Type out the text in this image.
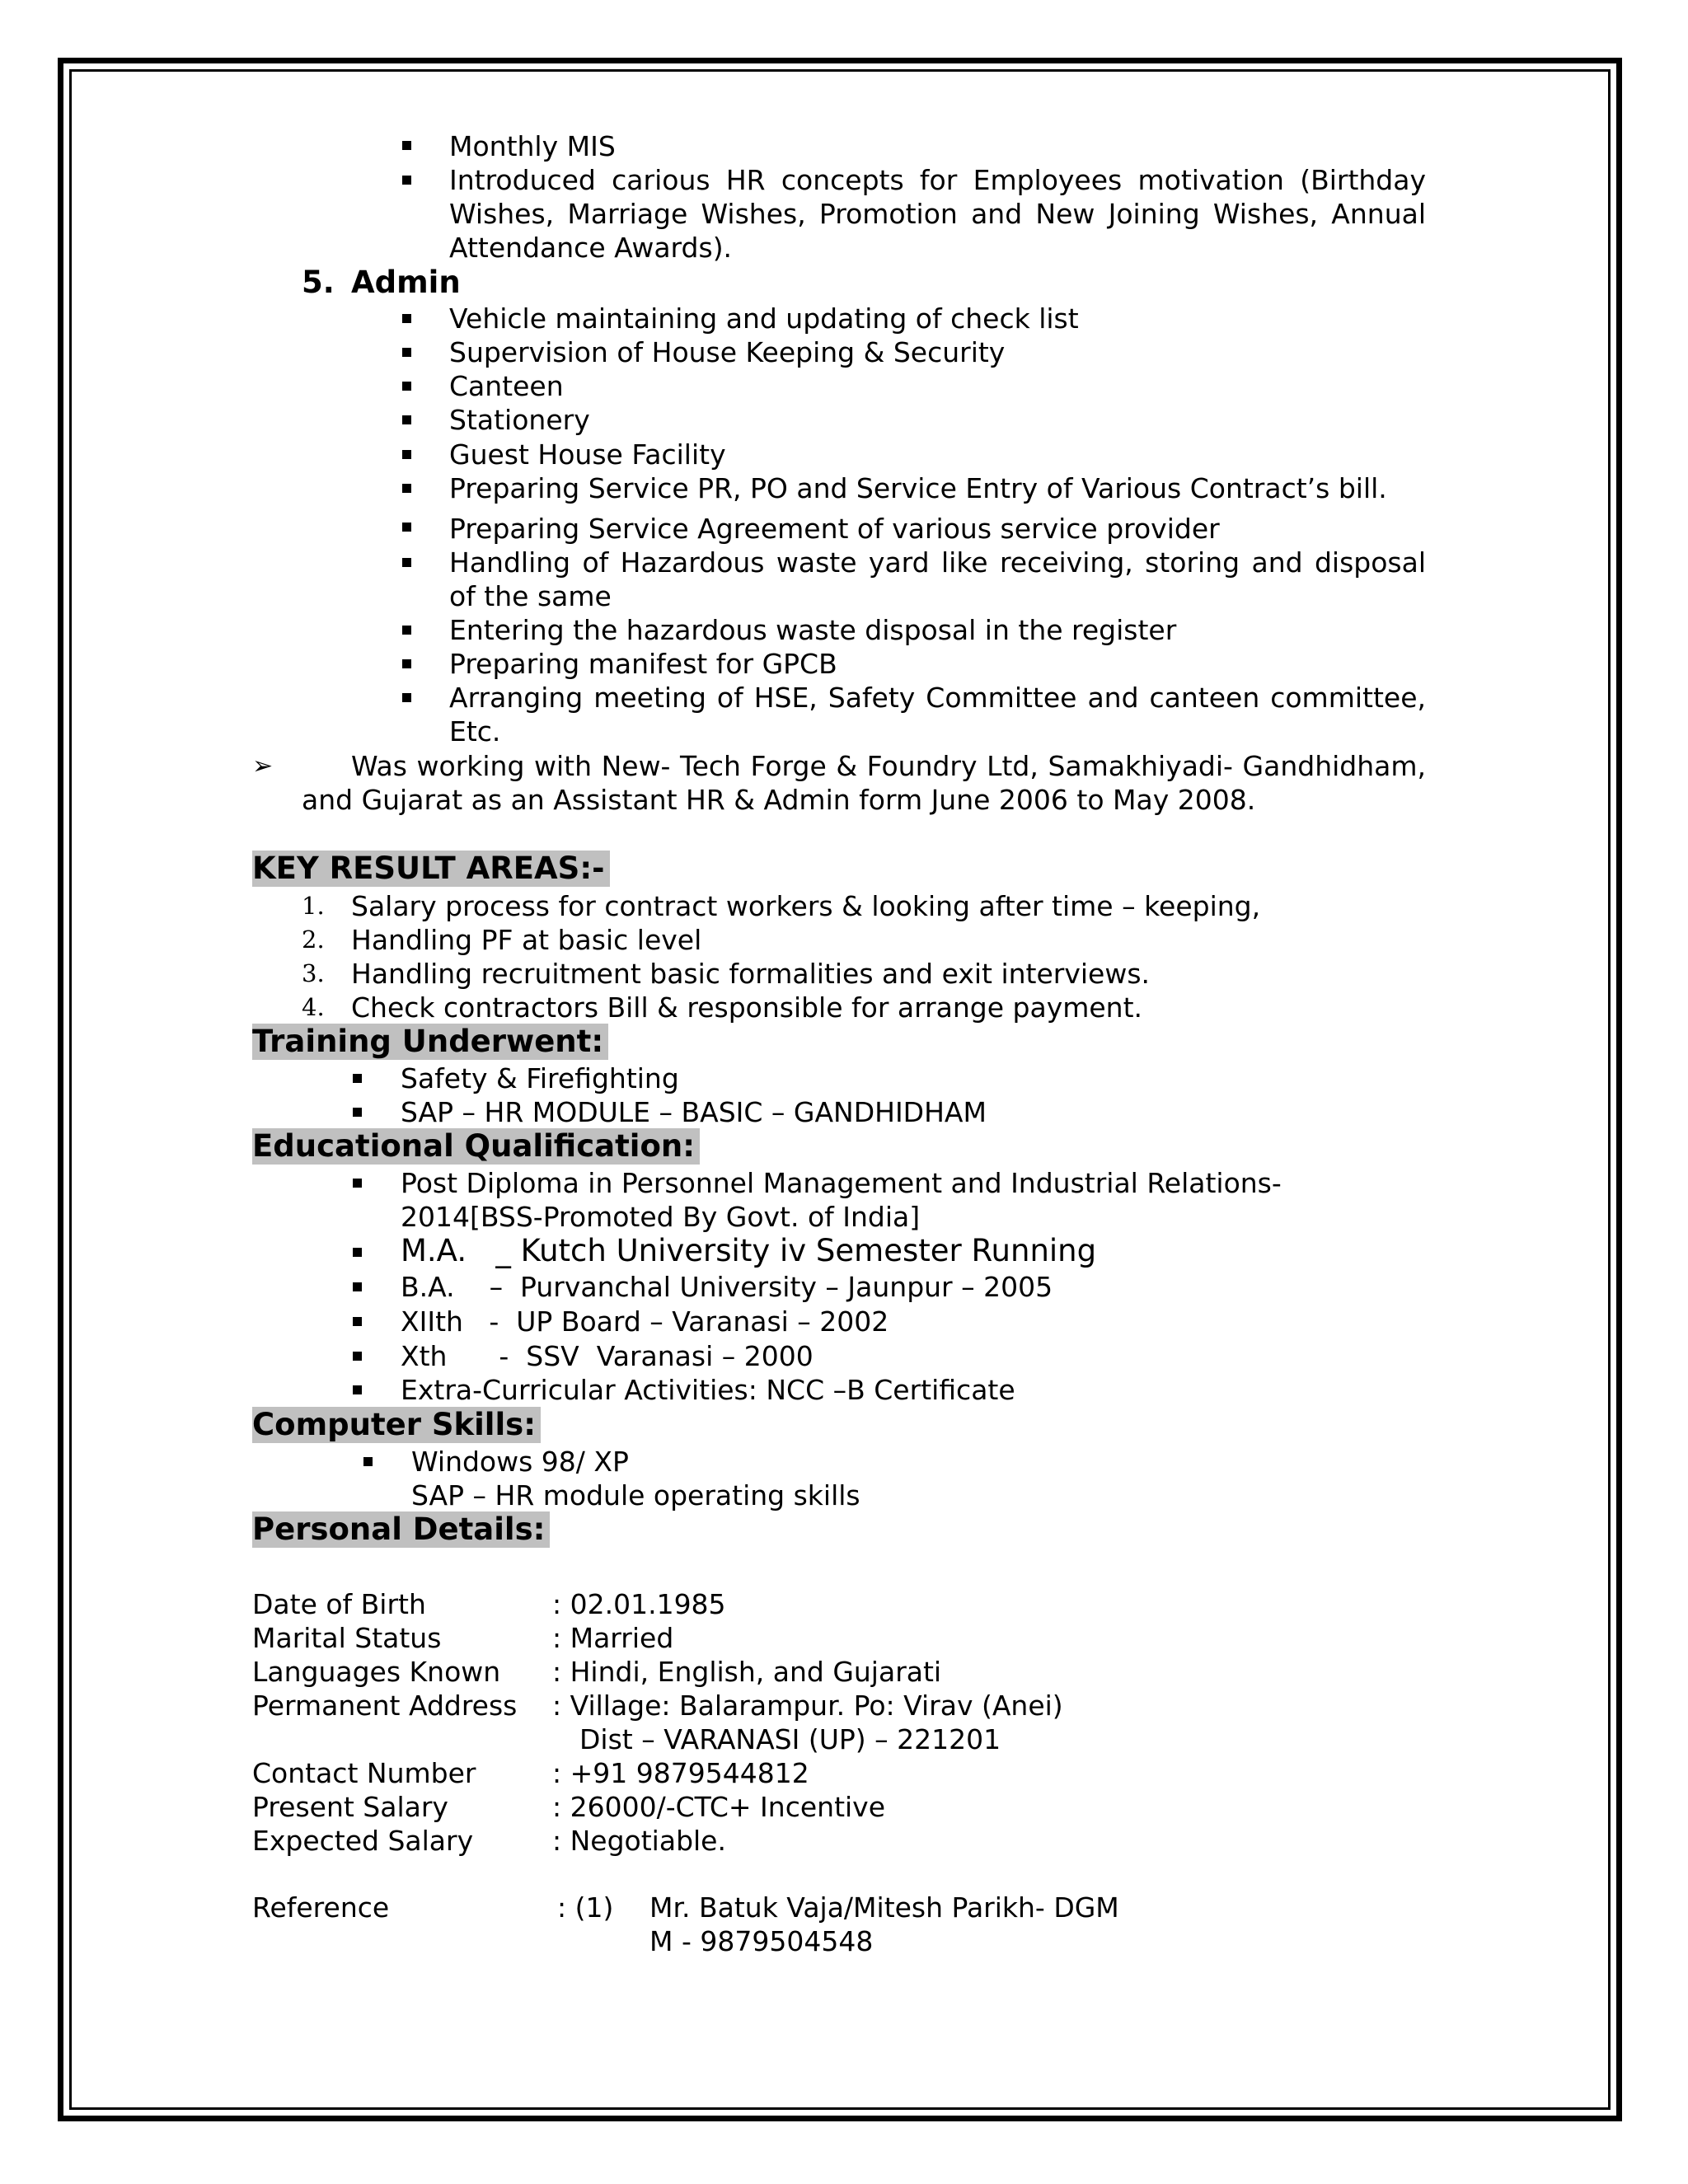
Monthly MIS
Introduced carious HR concepts for Employees motivation (Birthday Wishes, Marriage Wishes, Promotion and New Joining Wishes, Annual Attendance Awards).
5. Admin
Vehicle maintaining and updating of check list
Supervision of House Keeping & Security
Canteen
Stationery
Guest House Facility
Preparing Service PR, PO and Service Entry of Various Contract’s bill.
Preparing Service Agreement of various service provider
Handling of Hazardous waste yard like receiving, storing and disposal of the same
Entering the hazardous waste disposal in the register
Preparing manifest for GPCB
Arranging meeting of HSE, Safety Committee and canteen committee, Etc.
➢	Was working with New- Tech Forge & Foundry Ltd, Samakhiyadi- Gandhidham, and Gujarat as an Assistant HR & Admin form June 2006 to May 2008.
KEY RESULT AREAS:-
1. Salary process for contract workers & looking after time – keeping,
2. Handling PF at basic level
3. Handling recruitment basic formalities and exit interviews.
4. Check contractors Bill & responsible for arrange payment.
Training Underwent:
Safety & Firefighting
SAP – HR MODULE – BASIC – GANDHIDHAM
Educational Qualification:
Post Diploma in Personnel Management and Industrial Relations-
2014[BSS-Promoted By Govt. of India]
M.A.   _ Kutch University iv Semester Running
B.A.    –  Purvanchal University – Jaunpur – 2005
XIIth   -  UP Board – Varanasi – 2002
Xth      -  SSV  Varanasi – 2000
Extra-Curricular Activities: NCC –B Certificate
Computer Skills:
Windows 98/ XP
SAP – HR module operating skills
Personal Details:
Date of Birth	: 02.01.1985
Marital Status	: Married
Languages Known : Hindi, English, and Gujarati
Permanent Address : Village: Balarampur. Po: Virav (Anei)
Dist – VARANASI (UP) – 221201
Contact Number	: +91 9879544812
Present Salary	: 26000/-CTC+ Incentive
Expected Salary	: Negotiable.
Reference	: (1) Mr. Batuk Vaja/Mitesh Parikh- DGM
M - 9879504548
